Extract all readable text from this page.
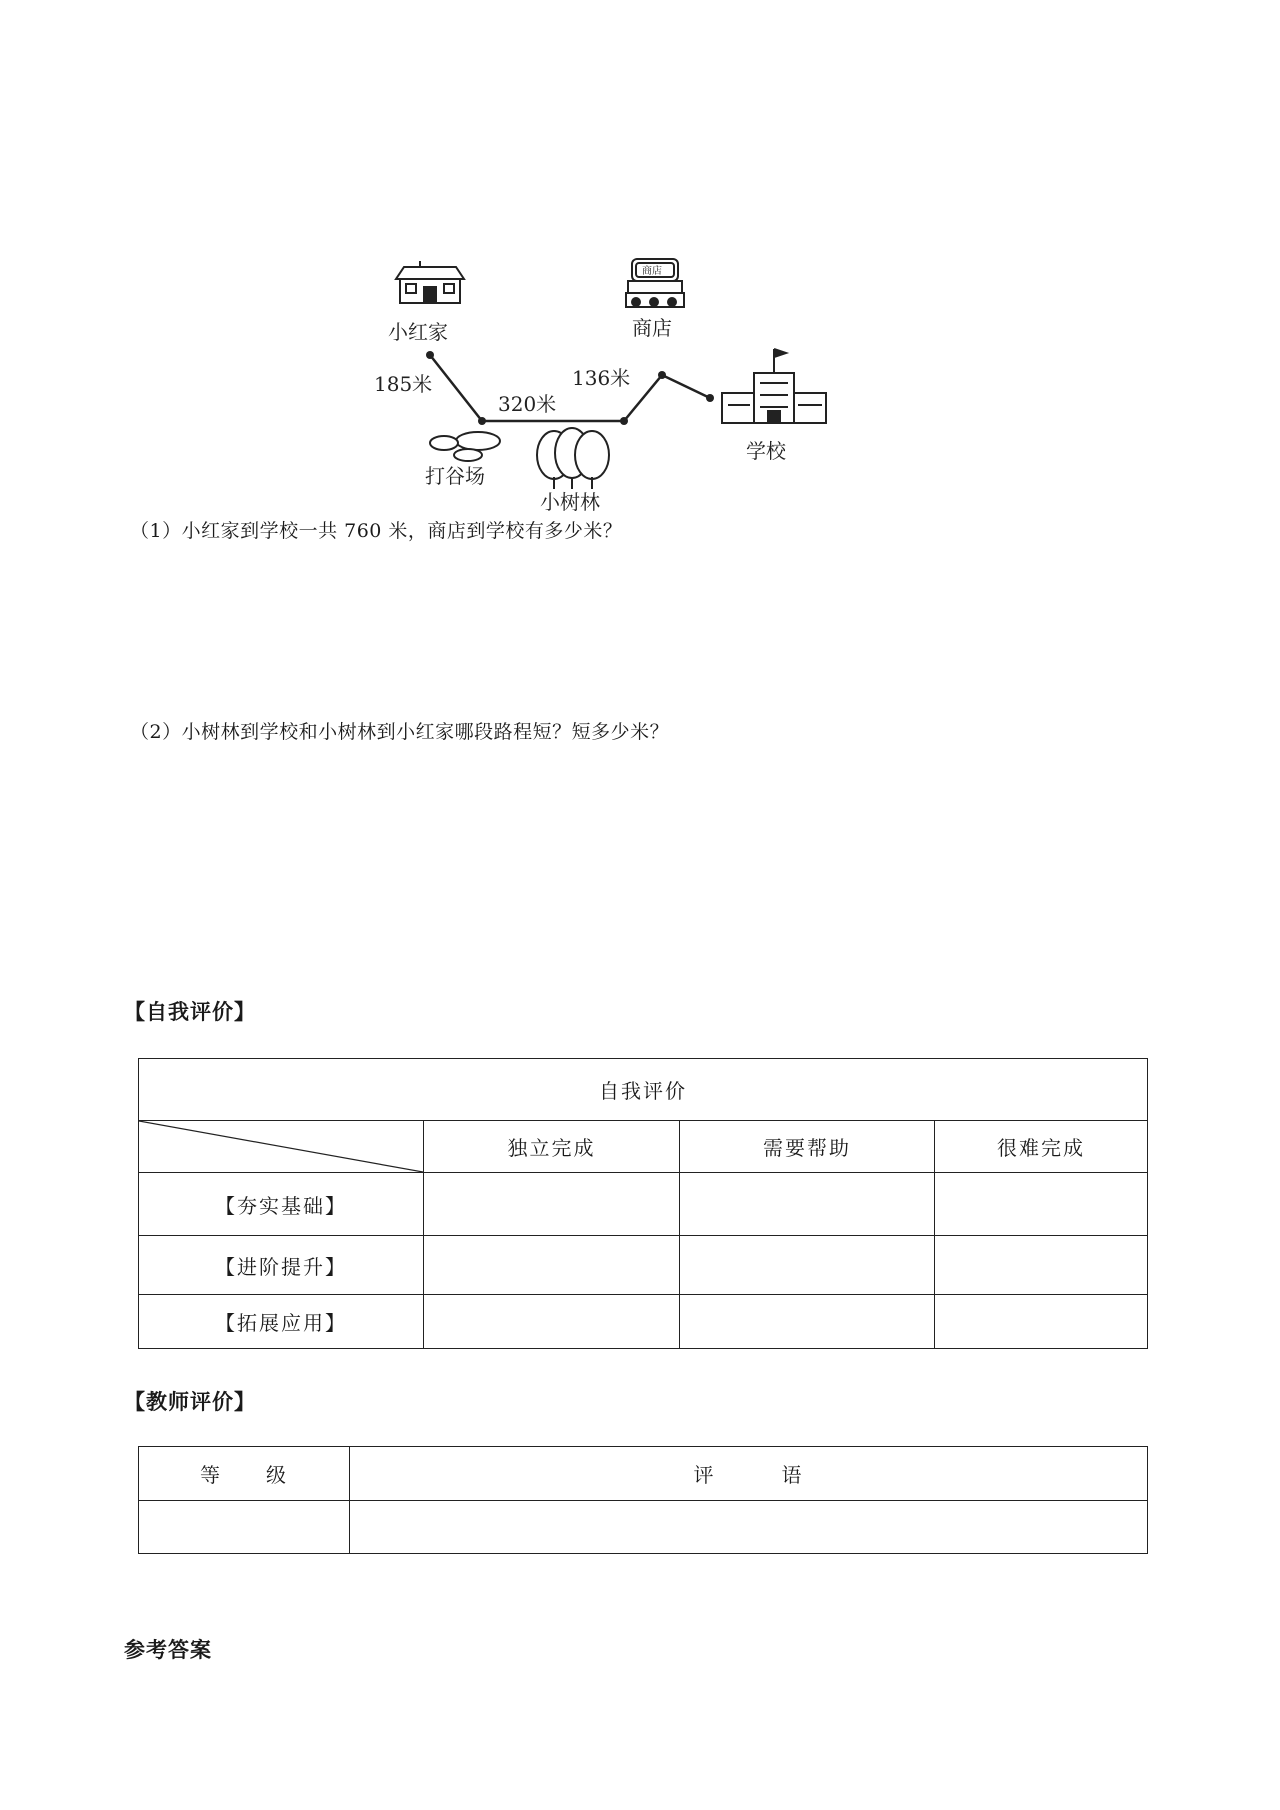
小红家
商店
商店
打谷场
小树林
学校
185米
320米
136米
（1）小红家到学校一共 760 米，商店到学校有多少米？
（2）小树林到学校和小树林到小红家哪段路程短？短多少米？
【自我评价】
自我评价			

	独立完成	需要帮助	很难完成
【夯实基础】			
【进阶提升】			
【拓展应用】			
【教师评价】
等　　级	评　　　语

参考答案
